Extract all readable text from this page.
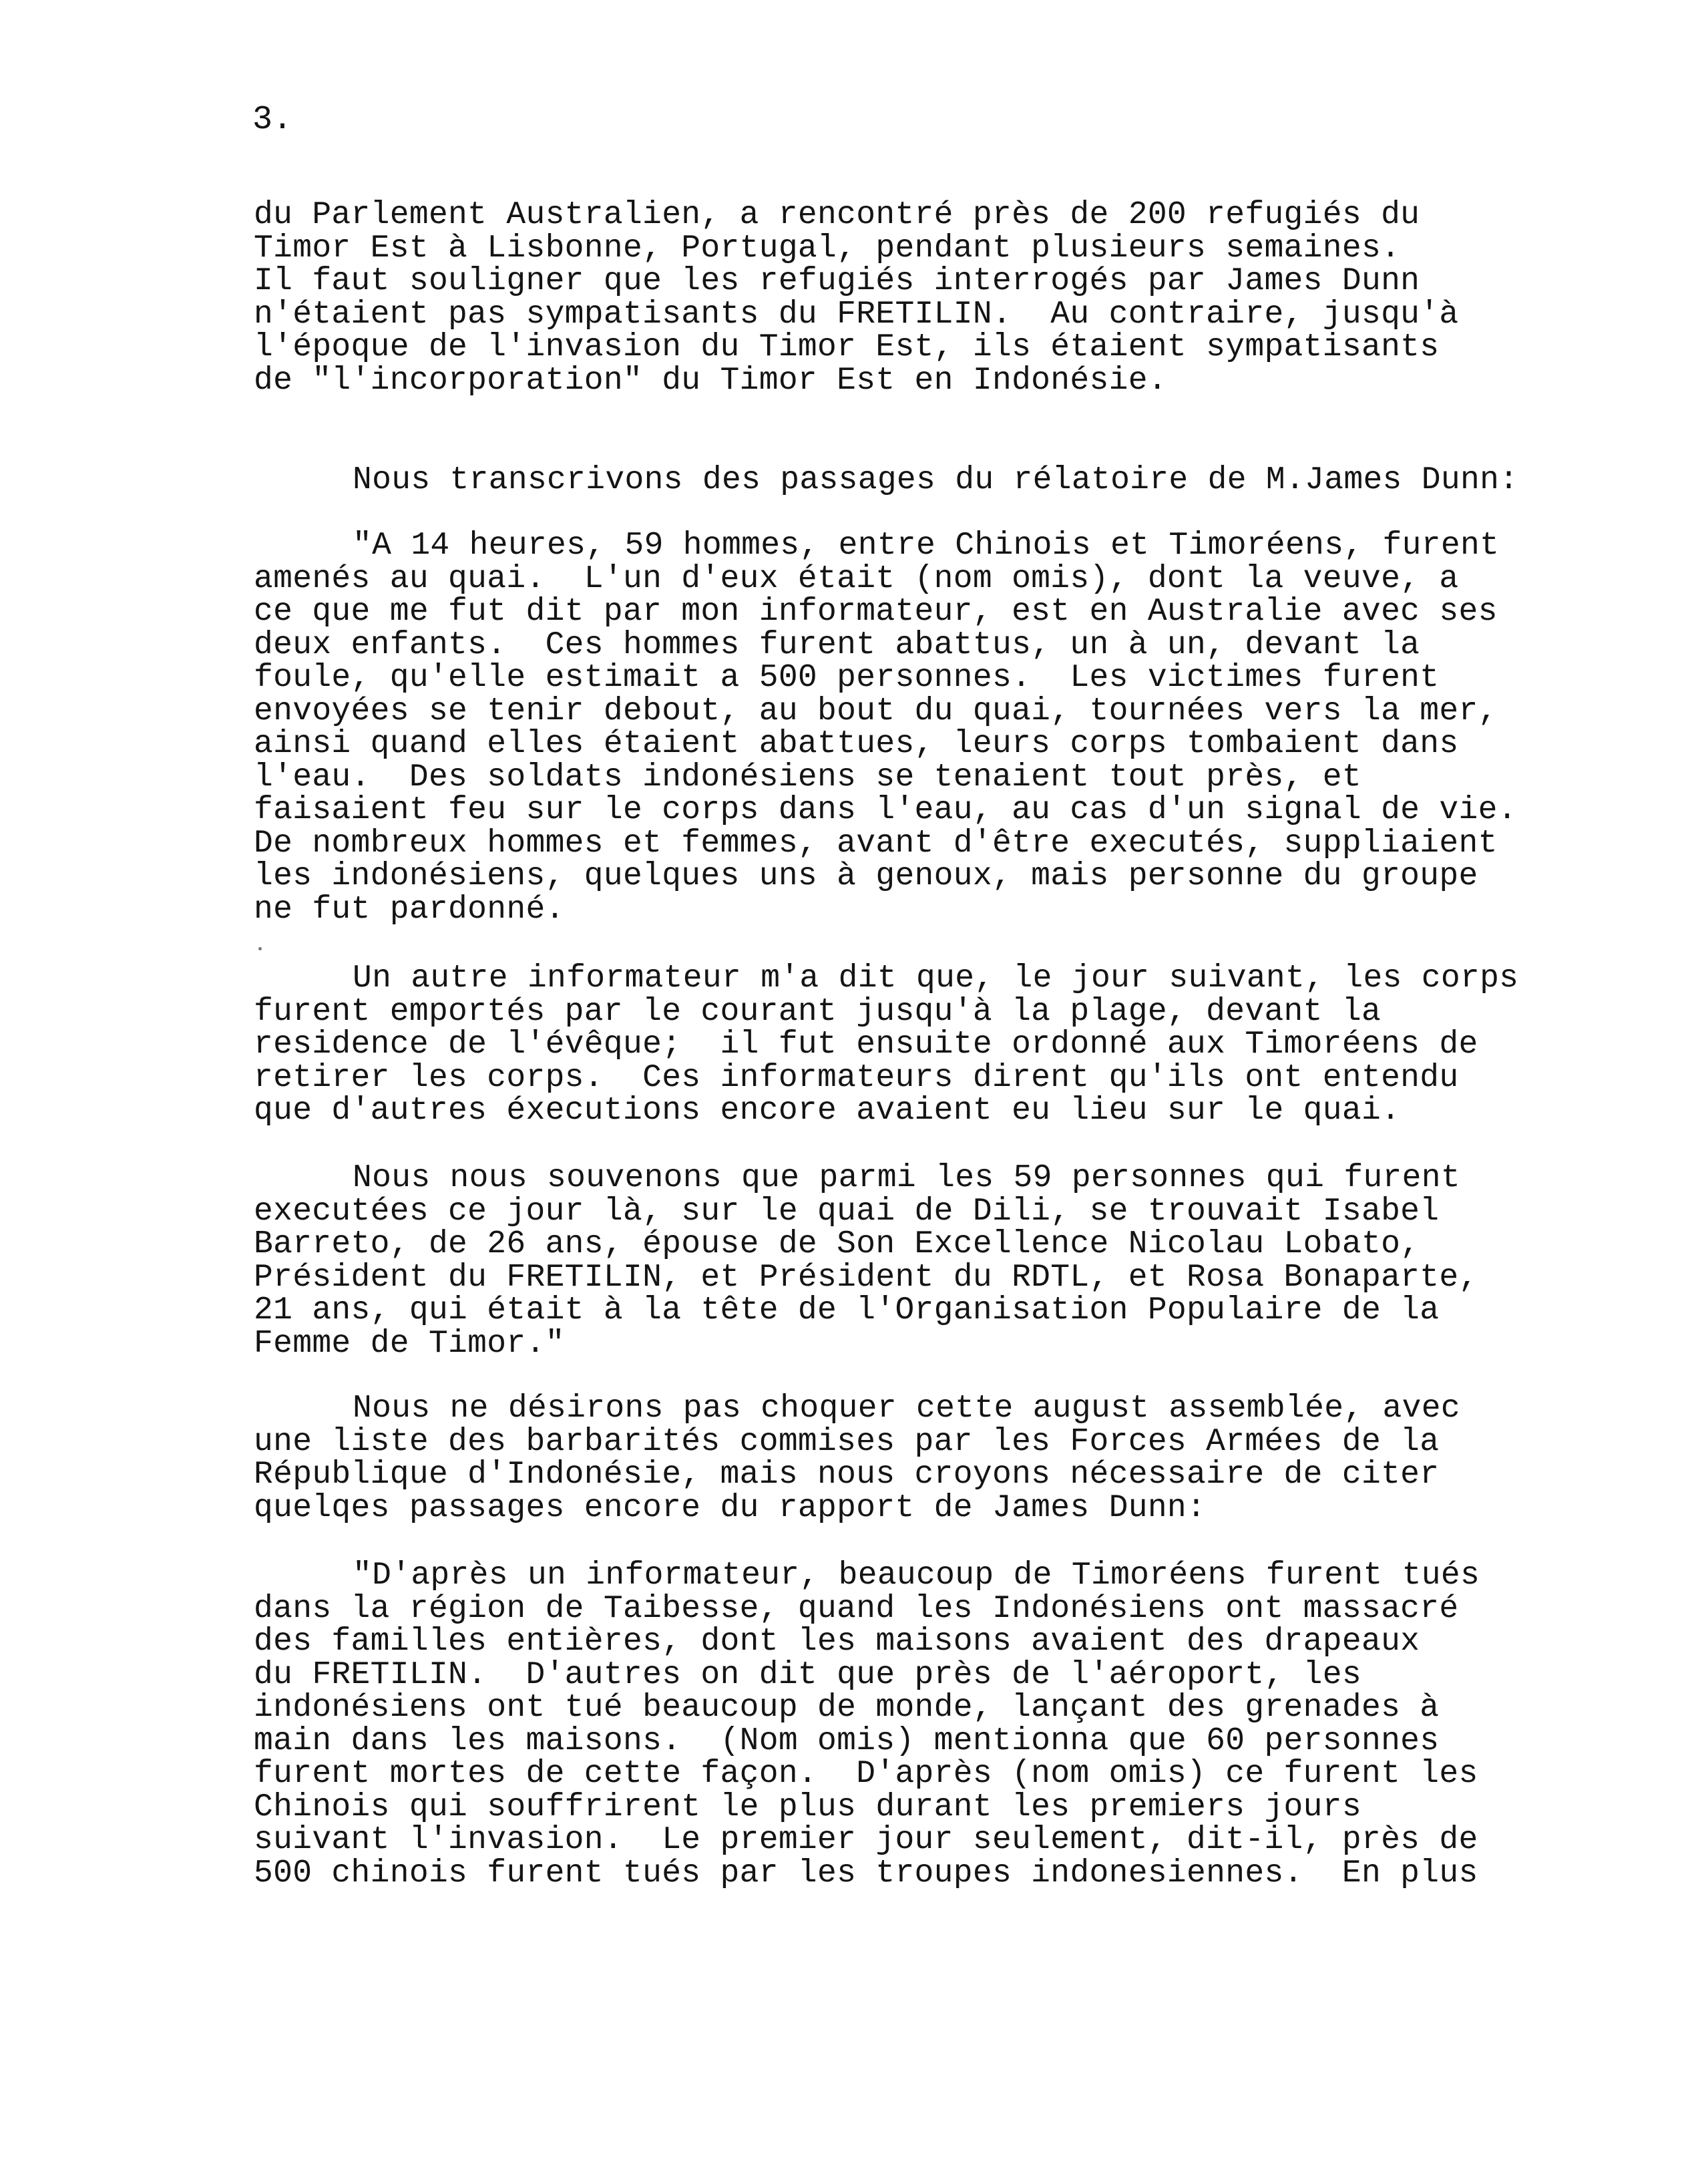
3.
du Parlement Australien, a rencontré près de 200 refugiés du
Timor Est à Lisbonne, Portugal, pendant plusieurs semaines.
Il faut souligner que les refugiés interrogés par James Dunn
n'étaient pas sympatisants du FRETILIN.  Au contraire, jusqu'à
l'époque de l'invasion du Timor Est, ils étaient sympatisants
de "l'incorporation" du Timor Est en Indonésie.
Nous transcrivons des passages du rélatoire de M.James Dunn:
"A 14 heures, 59 hommes, entre Chinois et Timoréens, furent
amenés au quai.  L'un d'eux était (nom omis), dont la veuve, a
ce que me fut dit par mon informateur, est en Australie avec ses
deux enfants.  Ces hommes furent abattus, un à un, devant la
foule, qu'elle estimait a 500 personnes.  Les victimes furent
envoyées se tenir debout, au bout du quai, tournées vers la mer,
ainsi quand elles étaient abattues, leurs corps tombaient dans
l'eau.  Des soldats indonésiens se tenaient tout près, et
faisaient feu sur le corps dans l'eau, au cas d'un signal de vie.
De nombreux hommes et femmes, avant d'être executés, suppliaient
les indonésiens, quelques uns à genoux, mais personne du groupe
ne fut pardonné.
Un autre informateur m'a dit que, le jour suivant, les corps
furent emportés par le courant jusqu'à la plage, devant la
residence de l'évêque;  il fut ensuite ordonné aux Timoréens de
retirer les corps.  Ces informateurs dirent qu'ils ont entendu
que d'autres éxecutions encore avaient eu lieu sur le quai.
Nous nous souvenons que parmi les 59 personnes qui furent
executées ce jour là, sur le quai de Dili, se trouvait Isabel
Barreto, de 26 ans, épouse de Son Excellence Nicolau Lobato,
Président du FRETILIN, et Président du RDTL, et Rosa Bonaparte,
21 ans, qui était à la tête de l'Organisation Populaire de la
Femme de Timor."
Nous ne désirons pas choquer cette august assemblée, avec
une liste des barbarités commises par les Forces Armées de la
République d'Indonésie, mais nous croyons nécessaire de citer
quelqes passages encore du rapport de James Dunn:
"D'après un informateur, beaucoup de Timoréens furent tués
dans la région de Taibesse, quand les Indonésiens ont massacré
des familles entières, dont les maisons avaient des drapeaux
du FRETILIN.  D'autres on dit que près de l'aéroport, les
indonésiens ont tué beaucoup de monde, lançant des grenades à
main dans les maisons.  (Nom omis) mentionna que 60 personnes
furent mortes de cette façon.  D'après (nom omis) ce furent les
Chinois qui souffrirent le plus durant les premiers jours
suivant l'invasion.  Le premier jour seulement, dit-il, près de
500 chinois furent tués par les troupes indonesiennes.  En plus
